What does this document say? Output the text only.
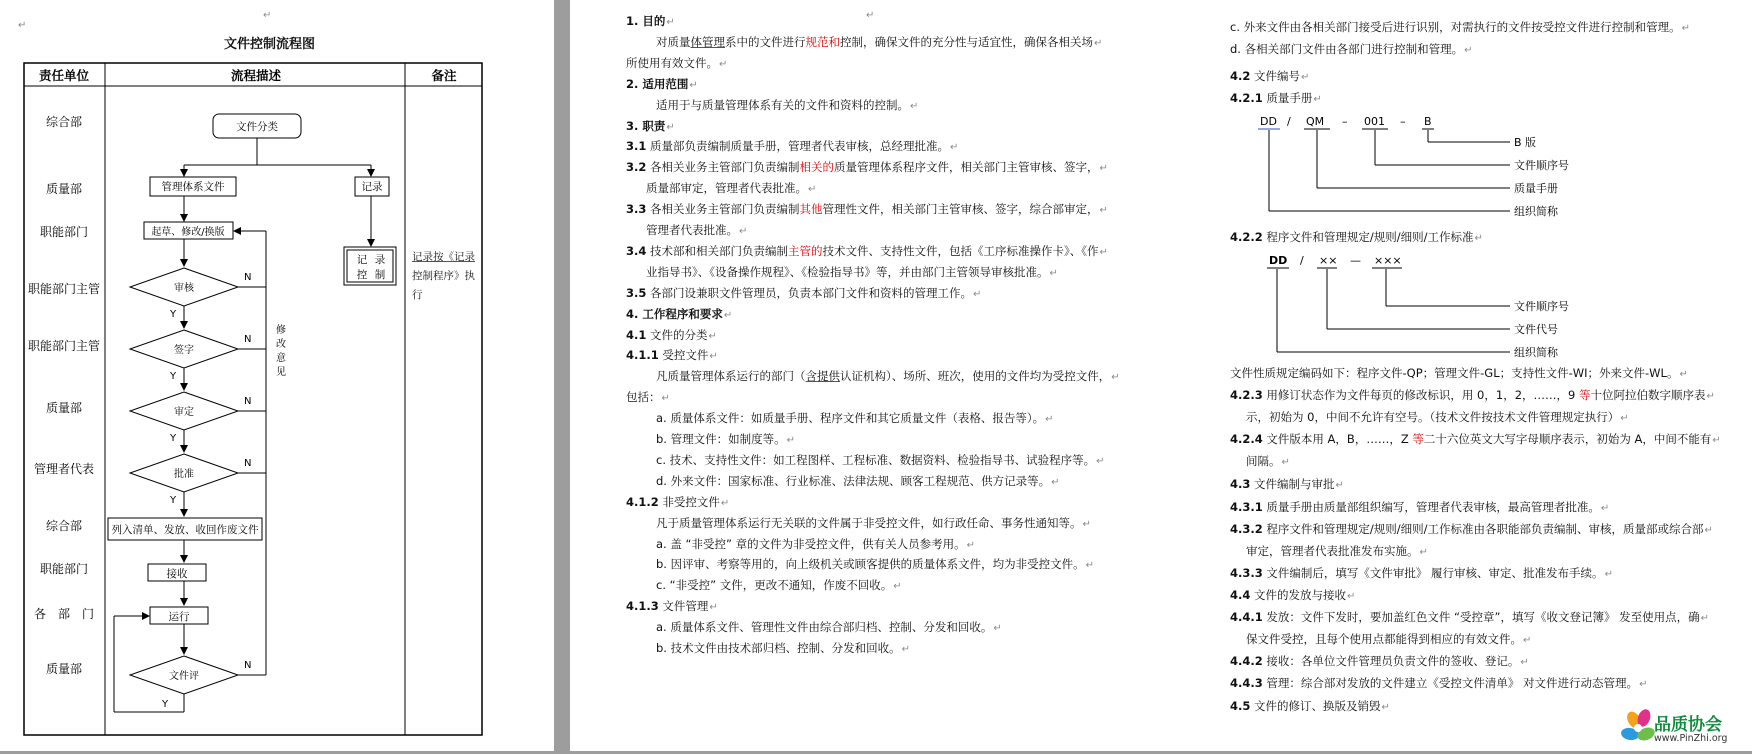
↵
↵
文件控制流程图
责任单位	流程描述	备注
综合部
质量部
职能部门
职能部门主管
职能部门主管
质量部
管理者代表
综合部
职能部门
各　部　门
质量部
文件分类
管理体系文件	记录
记 录
控 制
起草、修改/换版
审核
Y
签字
Y
审定
Y
批准
Y
N
N
N
N
修
改
意
见
列入清单、发放、收回作废文件
接收
运行
文件评
N
Y
记录按《记录
控制程序》执
行
↵
1. 目的↵
对质量体管理系中的文件进行规范和控制，确保文件的充分性与适宜性，确保各相关场↵
所使用有效文件。↵
2. 适用范围↵
适用于与质量管理体系有关的文件和资料的控制。↵
3. 职责↵
3.1 质量部负责编制质量手册，管理者代表审核，总经理批准。↵
3.2 各相关业务主管部门负责编制相关的质量管理体系程序文件，相关部门主管审核、签字，↵
质量部审定，管理者代表批准。↵
3.3 各相关业务主管部门负责编制其他管理性文件，相关部门主管审核、签字，综合部审定，↵
管理者代表批准。↵
3.4 技术部和相关部门负责编制主管的技术文件、支持性文件，包括《工序标准操作卡》、《作↵
业指导书》、《设备操作规程》、《检验指导书》等，并由部门主管领导审核批准。↵
3.5 各部门设兼职文件管理员，负责本部门文件和资料的管理工作。↵
4. 工作程序和要求↵
4.1 文件的分类↵
4.1.1 受控文件↵
凡质量管理体系运行的部门（含提供认证机构）、场所、班次，使用的文件均为受控文件，↵
包括：↵
a. 质量体系文件：如质量手册、程序文件和其它质量文件（表格、报告等）。↵
b. 管理文件：如制度等。↵
c. 技术、支持性文件：如工程图样、工程标准、数据资料、检验指导书、试验程序等。↵
d. 外来文件：国家标准、行业标准、法律法规、顾客工程规范、供方记录等。↵
4.1.2 非受控文件↵
凡于质量管理体系运行无关联的文件属于非受控文件，如行政任命、事务性通知等。↵
a. 盖 “非受控” 章的文件为非受控文件，供有关人员参考用。↵
b. 因评审、考察等用的，向上级机关或顾客提供的质量体系文件，均为非受控文件。↵
c. “非受控” 文件，更改不通知，作废不回收。↵
4.1.3 文件管理↵
a. 质量体系文件、管理性文件由综合部归档、控制、分发和回收。↵
b. 技术文件由技术部归档、控制、分发和回收。↵
c. 外来文件由各相关部门接受后进行识别，对需执行的文件按受控文件进行控制和管理。↵
d. 各相关部门文件由各部门进行控制和管理。↵
4.2 文件编号↵
4.2.1 质量手册↵
4.2.2 程序文件和管理规定/规则/细则/工作标准↵
文件性质规定编码如下：程序文件-QP；管理文件-GL；支持性文件-WI；外来文件-WL。↵
4.2.3 用修订状态作为文件每页的修改标识，用 0，1，2，……，9 等十位阿拉伯数字顺序表↵
示，初始为 0，中间不允许有空号。（技术文件按技术文件管理规定执行）↵
4.2.4 文件版本用 A，B，……，Z 等二十六位英文大写字母顺序表示，初始为 A，中间不能有↵
间隔。↵
4.3 文件编制与审批↵
4.3.1 质量手册由质量部组织编写，管理者代表审核，最高管理者批准。↵
4.3.2 程序文件和管理规定/规则/细则/工作标准由各职能部负责编制、审核，质量部或综合部↵
审定，管理者代表批准发布实施。↵
4.3.3 文件编制后，填写《文件审批》 履行审核、审定、批准发布手续。↵
4.4 文件的发放与接收↵
4.4.1 发放：文件下发时，要加盖红色文件 “受控章”，填写《收文登记簿》 发至使用点，确↵
保文件受控，且每个使用点都能得到相应的有效文件。↵
4.4.2 接收：各单位文件管理员负责文件的签收、登记。↵
4.4.3 管理：综合部对发放的文件建立《受控文件清单》 对文件进行动态管理。↵
4.5 文件的修订、换版及销毁↵
DD / QM – 001 – B
B 版
文件顺序号
质量手册
组织简称
DD / ×× — ×××
文件顺序号
文件代号
组织简称
品质协会
www.PinZhi.org
